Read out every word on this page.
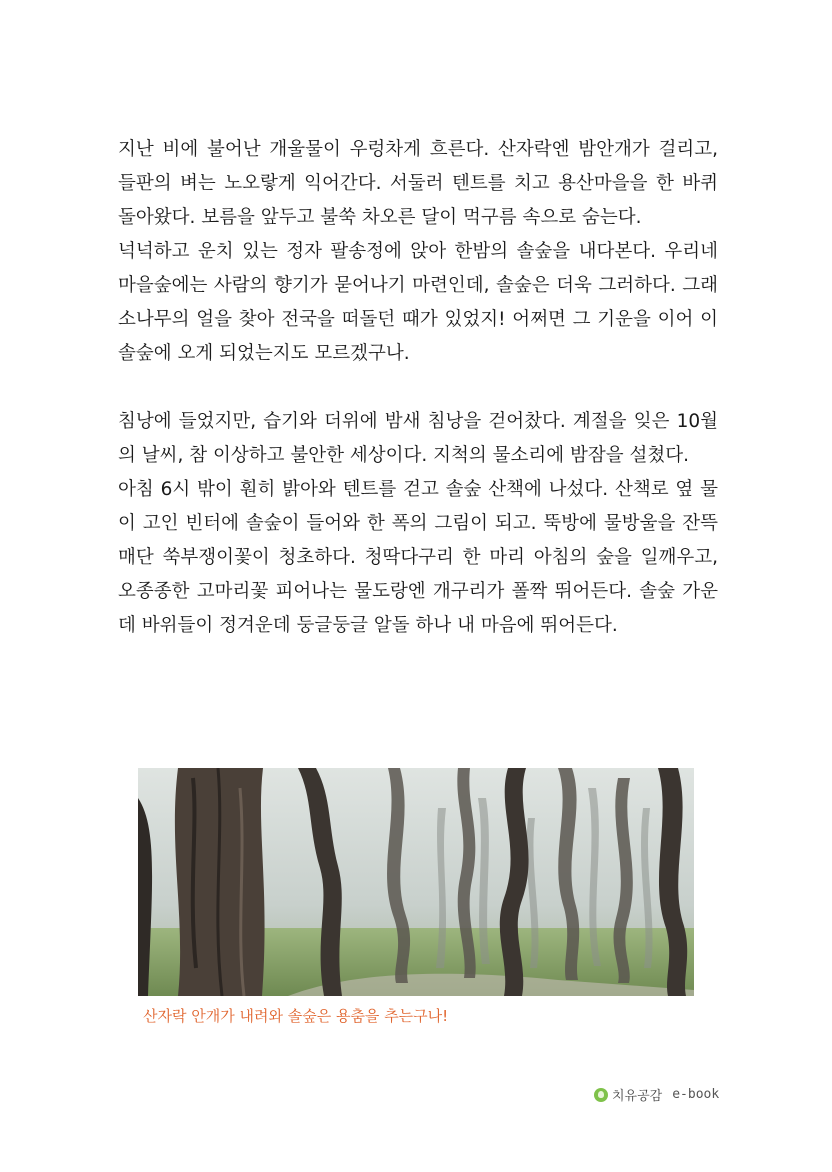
지난 비에 불어난 개울물이 우렁차게 흐른다. 산자락엔 밤안개가 걸리고, 들판의 벼는 노오랗게 익어간다. 서둘러 텐트를 치고 용산마을을 한 바퀴 돌아왔다. 보름을 앞두고 불쑥 차오른 달이 먹구름 속으로 숨는다.

넉넉하고 운치 있는 정자 팔송정에 앉아 한밤의 솔숲을 내다본다. 우리네 마을숲에는 사람의 향기가 묻어나기 마련인데, 솔숲은 더욱 그러하다. 그래 소나무의 얼을 찾아 전국을 떠돌던 때가 있었지! 어쩌면 그 기운을 이어 이 솔숲에 오게 되었는지도 모르겠구나.

침낭에 들었지만, 습기와 더위에 밤새 침낭을 걷어찼다. 계절을 잊은 10월의 날씨, 참 이상하고 불안한 세상이다. 지척의 물소리에 밤잠을 설쳤다.

아침 6시 밖이 훤히 밝아와 텐트를 걷고 솔숲 산책에 나섰다. 산책로 옆 물이 고인 빈터에 솔숲이 들어와 한 폭의 그림이 되고. 뚝방에 물방울을 잔뜩 매단 쑥부쟁이꽃이 청초하다. 청딱다구리 한 마리 아침의 숲을 일깨우고, 오종종한 고마리꽃 피어나는 물도랑엔 개구리가 폴짝 뛰어든다. 솔숲 가운데 바위들이 정겨운데 둥글둥글 알돌 하나 내 마음에 뛰어든다.

산자락 안개가 내려와 솔숲은 용춤을 추는구나!
치유공감 e-book
